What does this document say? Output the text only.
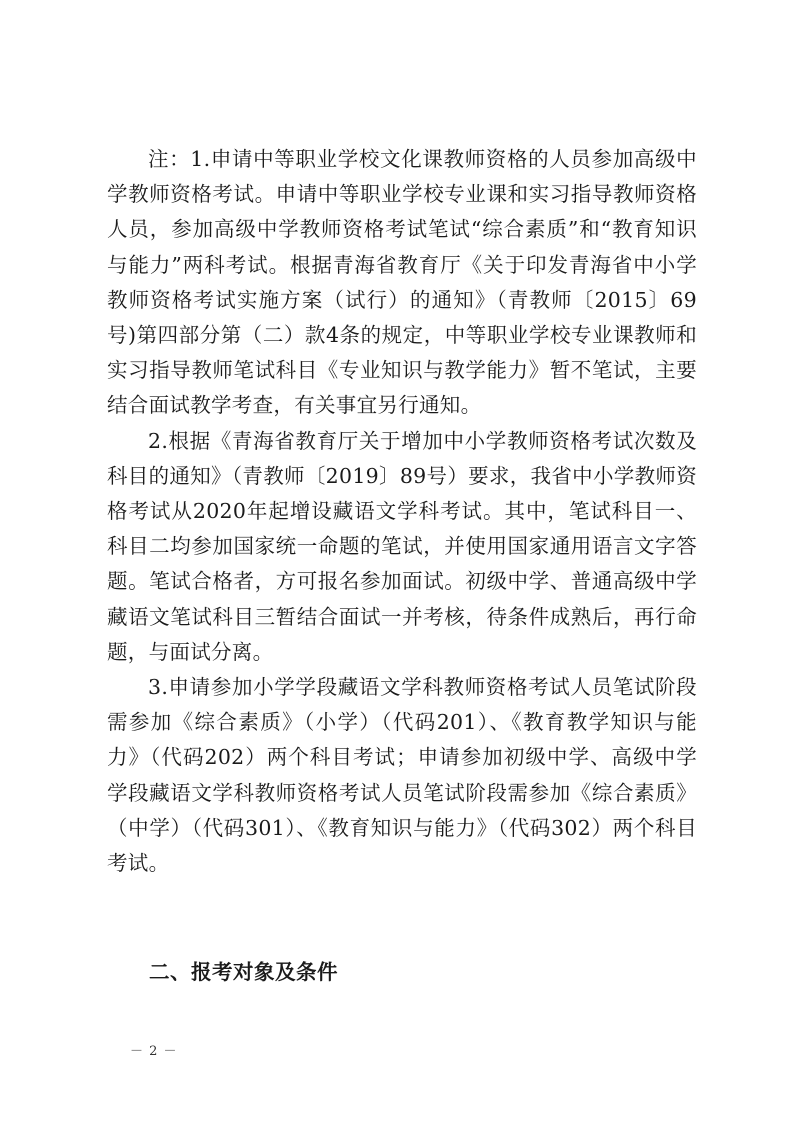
注：1.申请中等职业学校文化课教师资格的人员参加高级中学教师资格考试。申请中等职业学校专业课和实习指导教师资格人员，参加高级中学教师资格考试笔试“综合素质”和“教育知识与能力”两科考试。根据青海省教育厅《关于印发青海省中小学教师资格考试实施方案（试行）的通知》（青教师〔2015〕69号)第四部分第（二）款4条的规定，中等职业学校专业课教师和实习指导教师笔试科目《专业知识与教学能力》暂不笔试，主要结合面试教学考查，有关事宜另行通知。

2.根据《青海省教育厅关于增加中小学教师资格考试次数及科目的通知》（青教师〔2019〕89号）要求，我省中小学教师资格考试从2020年起增设藏语文学科考试。其中，笔试科目一、科目二均参加国家统一命题的笔试，并使用国家通用语言文字答题。笔试合格者，方可报名参加面试。初级中学、普通高级中学藏语文笔试科目三暂结合面试一并考核，待条件成熟后，再行命题，与面试分离。

3.申请参加小学学段藏语文学科教师资格考试人员笔试阶段需参加《综合素质》（小学）（代码201）、《教育教学知识与能力》（代码202）两个科目考试；申请参加初级中学、高级中学学段藏语文学科教师资格考试人员笔试阶段需参加《综合素质》（中学）（代码301）、《教育知识与能力》（代码302）两个科目考试。

二、报考对象及条件
－ 2 －
